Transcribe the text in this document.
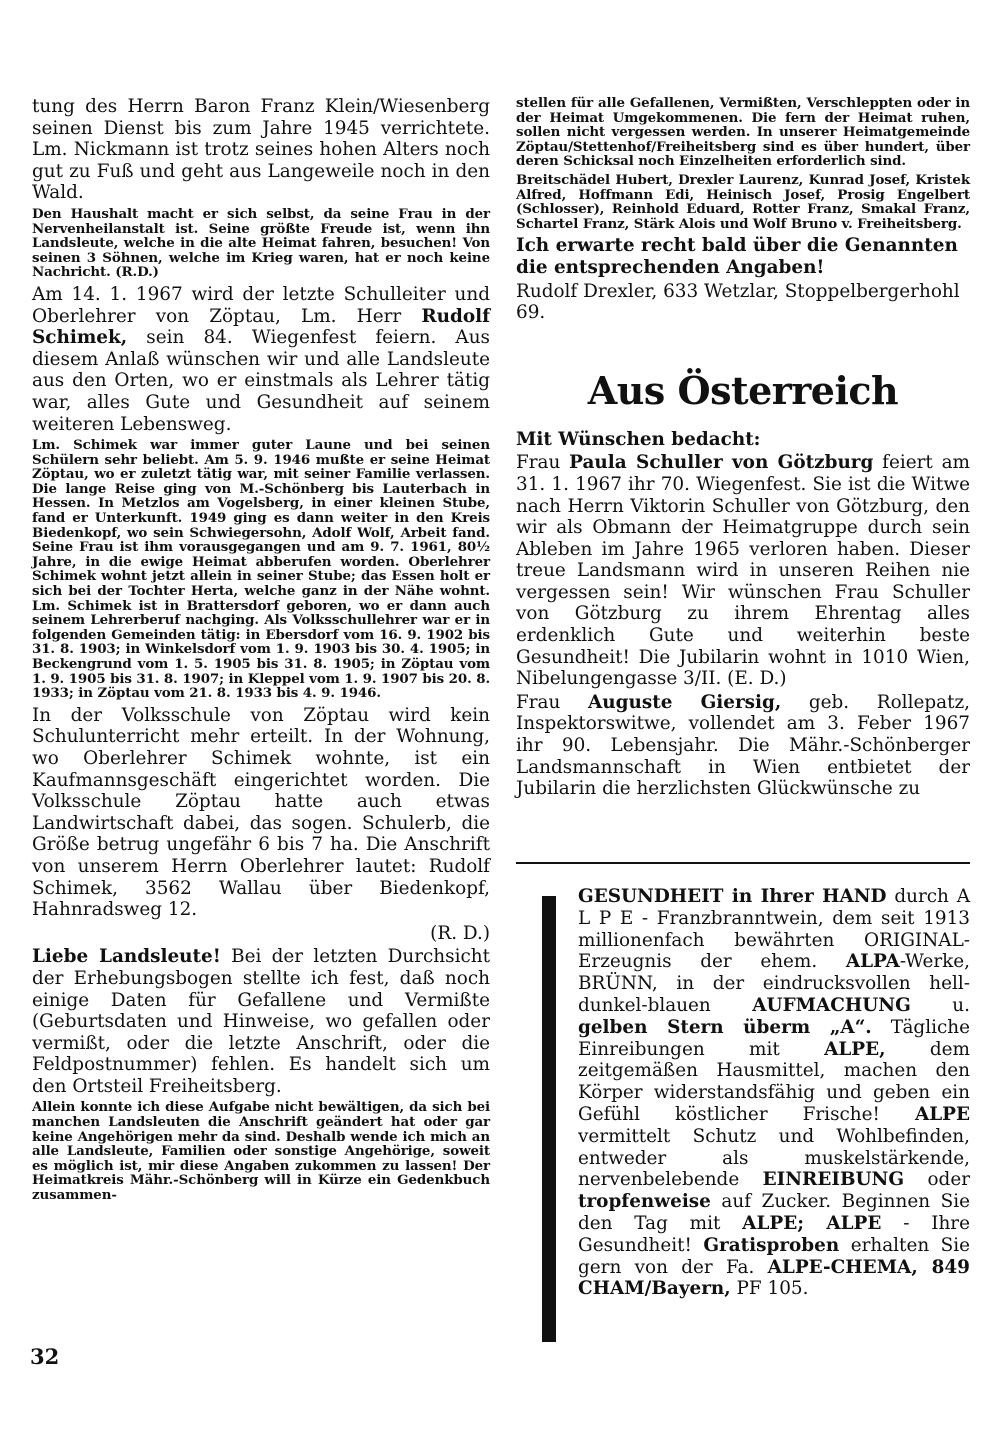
tung des Herrn Baron Franz Klein/Wiesenberg seinen Dienst bis zum Jahre 1945 verrichtete. Lm. Nickmann ist trotz seines hohen Alters noch gut zu Fuß und geht aus Langeweile noch in den Wald.

Den Haushalt macht er sich selbst, da seine Frau in der Nervenheilanstalt ist. Seine größte Freude ist, wenn ihn Landsleute, welche in die alte Heimat fahren, besuchen! Von seinen 3 Söhnen, welche im Krieg waren, hat er noch keine Nachricht. (R.D.)

Am 14. 1. 1967 wird der letzte Schulleiter und Oberlehrer von Zöptau, Lm. Herr Rudolf Schimek, sein 84. Wiegenfest feiern. Aus diesem Anlaß wünschen wir und alle Landsleute aus den Orten, wo er einstmals als Lehrer tätig war, alles Gute und Gesundheit auf seinem weiteren Lebensweg.

Lm. Schimek war immer guter Laune und bei seinen Schülern sehr beliebt. Am 5. 9. 1946 mußte er seine Heimat Zöptau, wo er zuletzt tätig war, mit seiner Familie verlassen. Die lange Reise ging von M.-Schönberg bis Lauterbach in Hessen. In Metzlos am Vogelsberg, in einer kleinen Stube, fand er Unterkunft. 1949 ging es dann weiter in den Kreis Biedenkopf, wo sein Schwiegersohn, Adolf Wolf, Arbeit fand. Seine Frau ist ihm vorausgegangen und am 9. 7. 1961, 80½ Jahre, in die ewige Heimat abberufen worden. Oberlehrer Schimek wohnt jetzt allein in seiner Stube; das Essen holt er sich bei der Tochter Herta, welche ganz in der Nähe wohnt. Lm. Schimek ist in Brattersdorf geboren, wo er dann auch seinem Lehrerberuf nachging. Als Volksschullehrer war er in folgenden Gemeinden tätig: in Ebersdorf vom 16. 9. 1902 bis 31. 8. 1903; in Winkelsdorf vom 1. 9. 1903 bis 30. 4. 1905; in Beckengrund vom 1. 5. 1905 bis 31. 8. 1905; in Zöptau vom 1. 9. 1905 bis 31. 8. 1907; in Kleppel vom 1. 9. 1907 bis 20. 8. 1933; in Zöptau vom 21. 8. 1933 bis 4. 9. 1946.

In der Volksschule von Zöptau wird kein Schulunterricht mehr erteilt. In der Wohnung, wo Oberlehrer Schimek wohnte, ist ein Kaufmannsgeschäft eingerichtet worden. Die Volksschule Zöptau hatte auch etwas Landwirtschaft dabei, das sogen. Schulerb, die Größe betrug ungefähr 6 bis 7 ha. Die Anschrift von unserem Herrn Oberlehrer lautet: Rudolf Schimek, 3562 Wallau über Biedenkopf, Hahnradsweg 12.

(R. D.)

Liebe Landsleute! Bei der letzten Durchsicht der Erhebungsbogen stellte ich fest, daß noch einige Daten für Gefallene und Vermißte (Geburtsdaten und Hinweise, wo gefallen oder vermißt, oder die letzte Anschrift, oder die Feldpostnummer) fehlen. Es handelt sich um den Ortsteil Freiheitsberg.

Allein konnte ich diese Aufgabe nicht bewältigen, da sich bei manchen Landsleuten die Anschrift geändert hat oder gar keine Angehörigen mehr da sind. Deshalb wende ich mich an alle Landsleute, Familien oder sonstige Angehörige, soweit es möglich ist, mir diese Angaben zukommen zu lassen! Der Heimatkreis Mähr.-Schönberg will in Kürze ein Gedenkbuch zusammen-

stellen für alle Gefallenen, Vermißten, Verschleppten oder in der Heimat Umgekommenen. Die fern der Heimat ruhen, sollen nicht vergessen werden. In unserer Heimatgemeinde Zöptau/Stettenhof/Freiheitsberg sind es über hundert, über deren Schicksal noch Einzelheiten erforderlich sind.

Breitschädel Hubert, Drexler Laurenz, Kunrad Josef, Kristek Alfred, Hoffmann Edi, Heinisch Josef, Prosig Engelbert (Schlosser), Reinhold Eduard, Rotter Franz, Smakal Franz, Schartel Franz, Stärk Alois und Wolf Bruno v. Freiheitsberg.

Ich erwarte recht bald über die Genannten die entsprechenden Angaben!

Rudolf Drexler, 633 Wetzlar, Stoppelbergerhohl 69.

Aus Österreich

Mit Wünschen bedacht:

Frau Paula Schuller von Götzburg feiert am 31. 1. 1967 ihr 70. Wiegenfest. Sie ist die Witwe nach Herrn Viktorin Schuller von Götzburg, den wir als Obmann der Heimatgruppe durch sein Ableben im Jahre 1965 verloren haben. Dieser treue Landsmann wird in unseren Reihen nie vergessen sein! Wir wünschen Frau Schuller von Götzburg zu ihrem Ehrentag alles erdenklich Gute und weiterhin beste Gesundheit! Die Jubilarin wohnt in 1010 Wien, Nibelungengasse 3/II. (E. D.)

Frau Auguste Giersig, geb. Rollepatz, Inspektorswitwe, vollendet am 3. Feber 1967 ihr 90. Lebensjahr. Die Mähr.-Schönberger Landsmannschaft in Wien entbietet der Jubilarin die herzlichsten Glückwünsche zu

GESUNDHEIT in Ihrer HAND durch A L P E - Franzbranntwein, dem seit 1913 millionenfach bewährten ORIGINAL-Erzeugnis der ehem. ALPA-Werke, BRÜNN, in der eindrucksvollen hell-dunkel-blauen AUFMACHUNG u. gelben Stern überm „A“. Tägliche Einreibungen mit ALPE, dem zeitgemäßen Hausmittel, machen den Körper widerstandsfähig und geben ein Gefühl köstlicher Frische! ALPE vermittelt Schutz und Wohlbefinden, entweder als muskelstärkende, nervenbelebende EINREIBUNG oder tropfenweise auf Zucker. Beginnen Sie den Tag mit ALPE; ALPE - Ihre Gesundheit! Gratisproben erhalten Sie gern von der Fa. ALPE-CHEMA, 849 CHAM/Bayern, PF 105.

32
